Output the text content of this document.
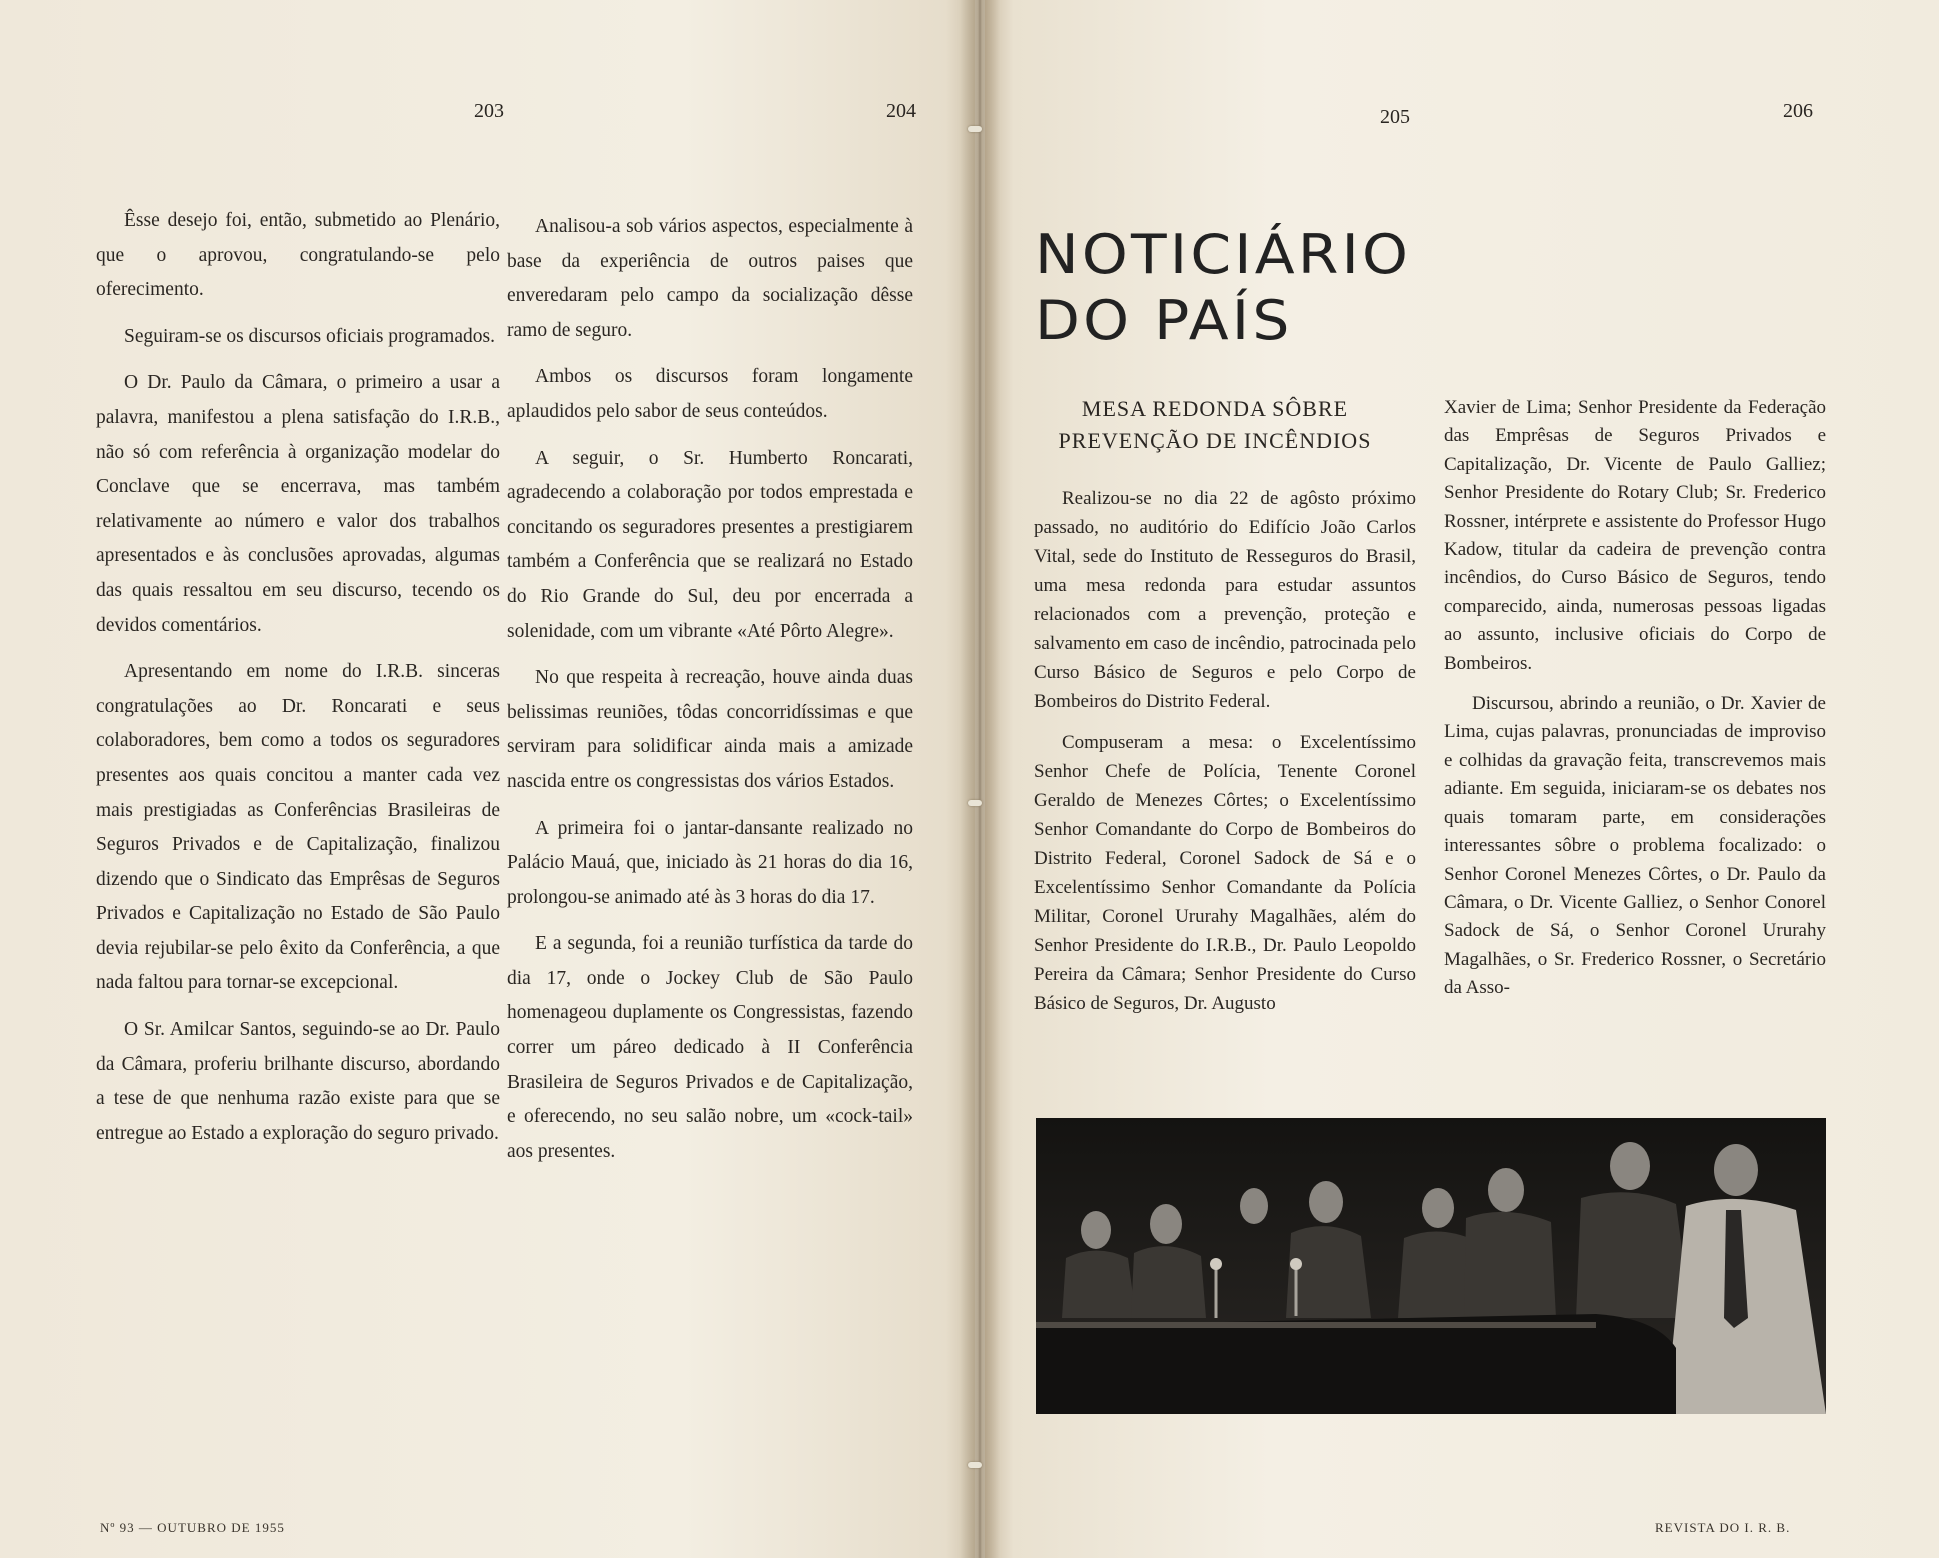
203	204

Êsse desejo foi, então, submetido ao Plenário, que o aprovou, congratulando-se pelo oferecimento.

Seguiram-se os discursos oficiais programados.

O Dr. Paulo da Câmara, o primeiro a usar a palavra, manifestou a plena satisfação do I.R.B., não só com referência à organização modelar do Conclave que se encerrava, mas também relativamente ao número e valor dos trabalhos apresentados e às conclusões aprovadas, algumas das quais ressaltou em seu discurso, tecendo os devidos comentários.

Apresentando em nome do I.R.B. sinceras congratulações ao Dr. Roncarati e seus colaboradores, bem como a todos os seguradores presentes aos quais concitou a manter cada vez mais prestigiadas as Conferências Brasileiras de Seguros Privados e de Capitalização, finalizou dizendo que o Sindicato das Emprêsas de Seguros Privados e Capitalização no Estado de São Paulo devia rejubilar-se pelo êxito da Conferência, a que nada faltou para tornar-se excepcional.

O Sr. Amilcar Santos, seguindo-se ao Dr. Paulo da Câmara, proferiu brilhante discurso, abordando a tese de que nenhuma razão existe para que se entregue ao Estado a exploração do seguro privado.

Analisou-a sob vários aspectos, especialmente à base da experiência de outros paises que enveredaram pelo campo da socialização dêsse ramo de seguro.

Ambos os discursos foram longamente aplaudidos pelo sabor de seus conteúdos.

A seguir, o Sr. Humberto Roncarati, agradecendo a colaboração por todos emprestada e concitando os seguradores presentes a prestigiarem também a Conferência que se realizará no Estado do Rio Grande do Sul, deu por encerrada a solenidade, com um vibrante «Até Pôrto Alegre».

No que respeita à recreação, houve ainda duas belissimas reuniões, tôdas concorridíssimas e que serviram para solidificar ainda mais a amizade nascida entre os congressistas dos vários Estados.

A primeira foi o jantar-dansante realizado no Palácio Mauá, que, iniciado às 21 horas do dia 16, prolongou-se animado até às 3 horas do dia 17.

E a segunda, foi a reunião turfística da tarde do dia 17, onde o Jockey Club de São Paulo homenageou duplamente os Congressistas, fazendo correr um páreo dedicado à II Conferência Brasileira de Seguros Privados e de Capitalização, e oferecendo, no seu salão nobre, um «cock-tail» aos presentes.

Nº 93 — OUTUBRO DE 1955
205	206
REVISTA DO I. R. B.
NOTICIÁRIO
DO PAÍS
MESA REDONDA SÔBRE
PREVENÇÃO DE INCÊNDIOS

Realizou-se no dia 22 de agôsto próximo passado, no auditório do Edifício João Carlos Vital, sede do Instituto de Resseguros do Brasil, uma mesa redonda para estudar assuntos relacionados com a prevenção, proteção e salvamento em caso de incêndio, patrocinada pelo Curso Básico de Seguros e pelo Corpo de Bombeiros do Distrito Federal.

Compuseram a mesa: o Excelentíssimo Senhor Chefe de Polícia, Tenente Coronel Geraldo de Menezes Côrtes; o Excelentíssimo Senhor Comandante do Corpo de Bombeiros do Distrito Federal, Coronel Sadock de Sá e o Excelentíssimo Senhor Comandante da Polícia Militar, Coronel Ururahy Magalhães, além do Senhor Presidente do I.R.B., Dr. Paulo Leopoldo Pereira da Câmara; Senhor Presidente do Curso Básico de Seguros, Dr. Augusto

Xavier de Lima; Senhor Presidente da Federação das Emprêsas de Seguros Privados e Capitalização, Dr. Vicente de Paulo Galliez; Senhor Presidente do Rotary Club; Sr. Frederico Rossner, intérprete e assistente do Professor Hugo Kadow, titular da cadeira de prevenção contra incêndios, do Curso Básico de Seguros, tendo comparecido, ainda, numerosas pessoas ligadas ao assunto, inclusive oficiais do Corpo de Bombeiros.

Discursou, abrindo a reunião, o Dr. Xavier de Lima, cujas palavras, pronunciadas de improviso e colhidas da gravação feita, transcrevemos mais adiante. Em seguida, iniciaram-se os debates nos quais tomaram parte, em considerações interessantes sôbre o problema focalizado: o Senhor Coronel Menezes Côrtes, o Dr. Paulo da Câmara, o Dr. Vicente Galliez, o Senhor Conorel Sadock de Sá, o Senhor Coronel Ururahy Magalhães, o Sr. Frederico Rossner, o Secretário da Asso-
